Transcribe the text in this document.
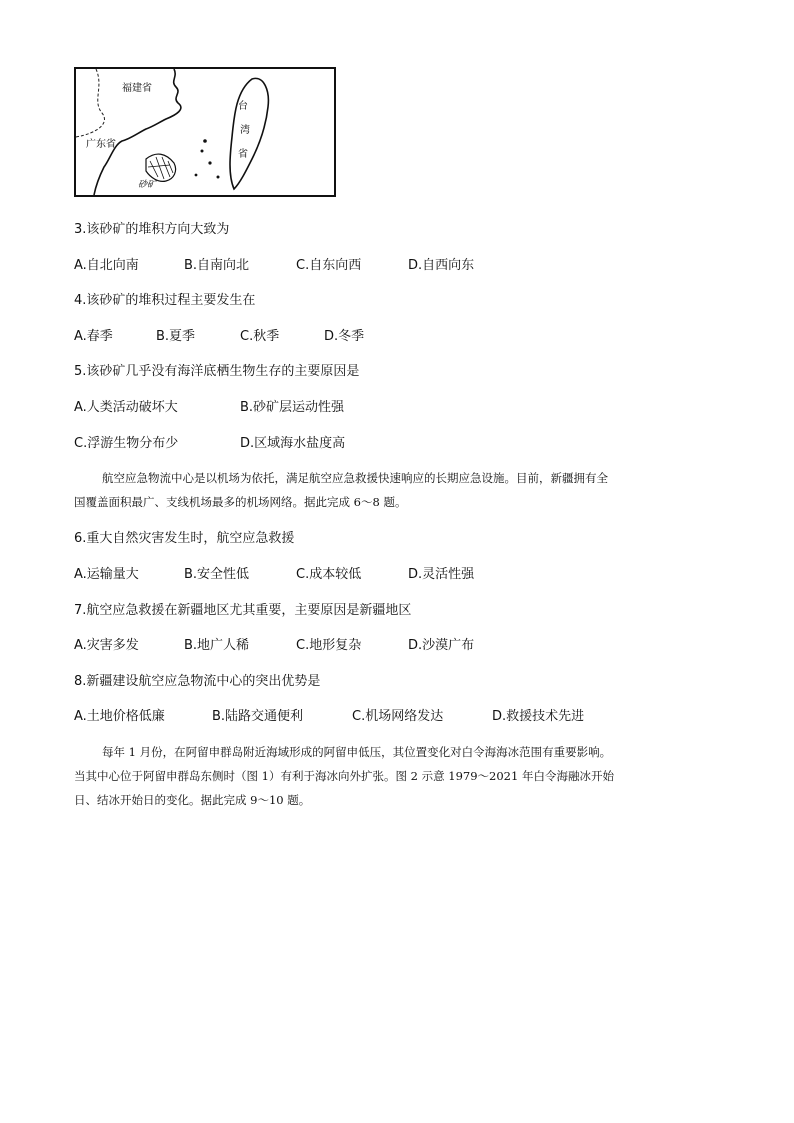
福建省
广东省
砂矿
台
湾
省
3.该砂矿的堆积方向大致为
A.自北向南	B.自南向北	C.自东向西	D.自西向东
4.该砂矿的堆积过程主要发生在
A.春季	B.夏季	C.秋季	D.冬季
5.该砂矿几乎没有海洋底栖生物生存的主要原因是
A.人类活动破坏大	B.砂矿层运动性强
C.浮游生物分布少	D.区域海水盐度高
航空应急物流中心是以机场为依托，满足航空应急救援快速响应的长期应急设施。目前，新疆拥有全
国覆盖面积最广、支线机场最多的机场网络。据此完成 6～8 题。
6.重大自然灾害发生时，航空应急救援
A.运输量大	B.安全性低	C.成本较低	D.灵活性强
7.航空应急救援在新疆地区尤其重要，主要原因是新疆地区
A.灾害多发	B.地广人稀	C.地形复杂	D.沙漠广布
8.新疆建设航空应急物流中心的突出优势是
A.土地价格低廉	B.陆路交通便利	C.机场网络发达	D.救援技术先进
每年 1 月份，在阿留申群岛附近海域形成的阿留申低压，其位置变化对白令海海冰范围有重要影响。
当其中心位于阿留申群岛东侧时（图 1）有利于海冰向外扩张。图 2 示意 1979～2021 年白令海融冰开始
日、结冰开始日的变化。据此完成 9～10 题。
